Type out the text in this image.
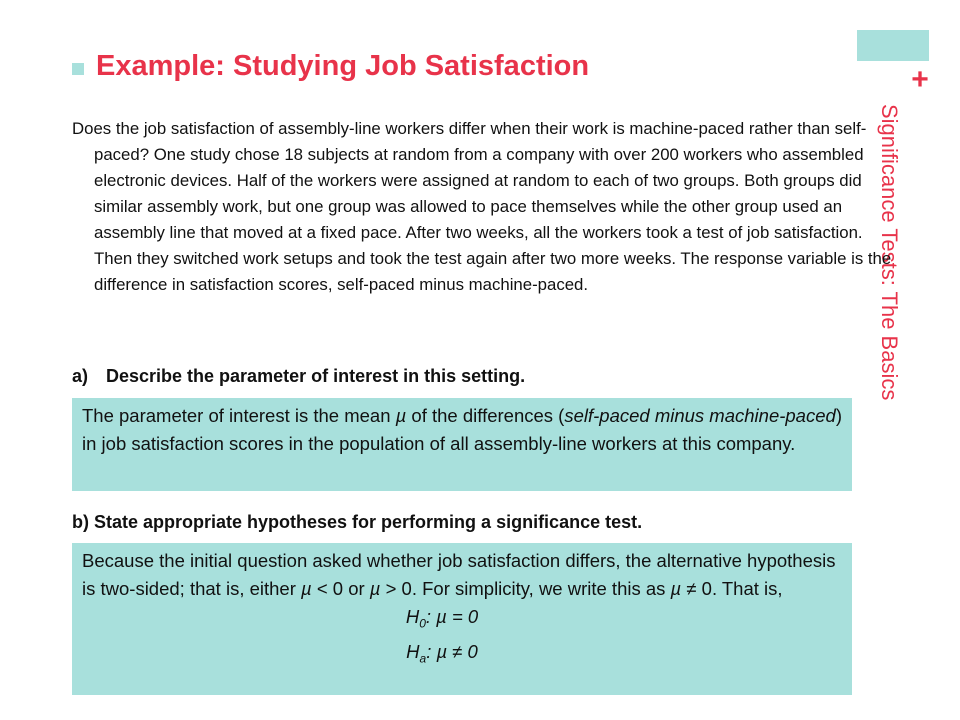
+
Significance Tests: The Basics
Example: Studying Job Satisfaction

Does the job satisfaction of assembly-line workers differ when their work is machine-paced rather than self-paced? One study chose 18 subjects at random from a company with over 200 workers who assembled electronic devices. Half of the workers were assigned at random to each of two groups. Both groups did similar assembly work, but one group was allowed to pace themselves while the other group used an assembly line that moved at a fixed pace. After two weeks, all the workers took a test of job satisfaction. Then they switched work setups and took the test again after two more weeks. The response variable is the difference in satisfaction scores, self-paced minus machine-paced.

a) Describe the parameter of interest in this setting.

The parameter of interest is the mean µ of the differences (self-paced minus machine-paced) in job satisfaction scores in the population of all assembly-line workers at this company.

b) State appropriate hypotheses for performing a significance test.

Because the initial question asked whether job satisfaction differs, the alternative hypothesis is two-sided; that is, either µ < 0 or µ > 0. For simplicity, we write this as µ ≠ 0. That is,
$H_0$: µ = 0
$H_a$: µ ≠ 0
